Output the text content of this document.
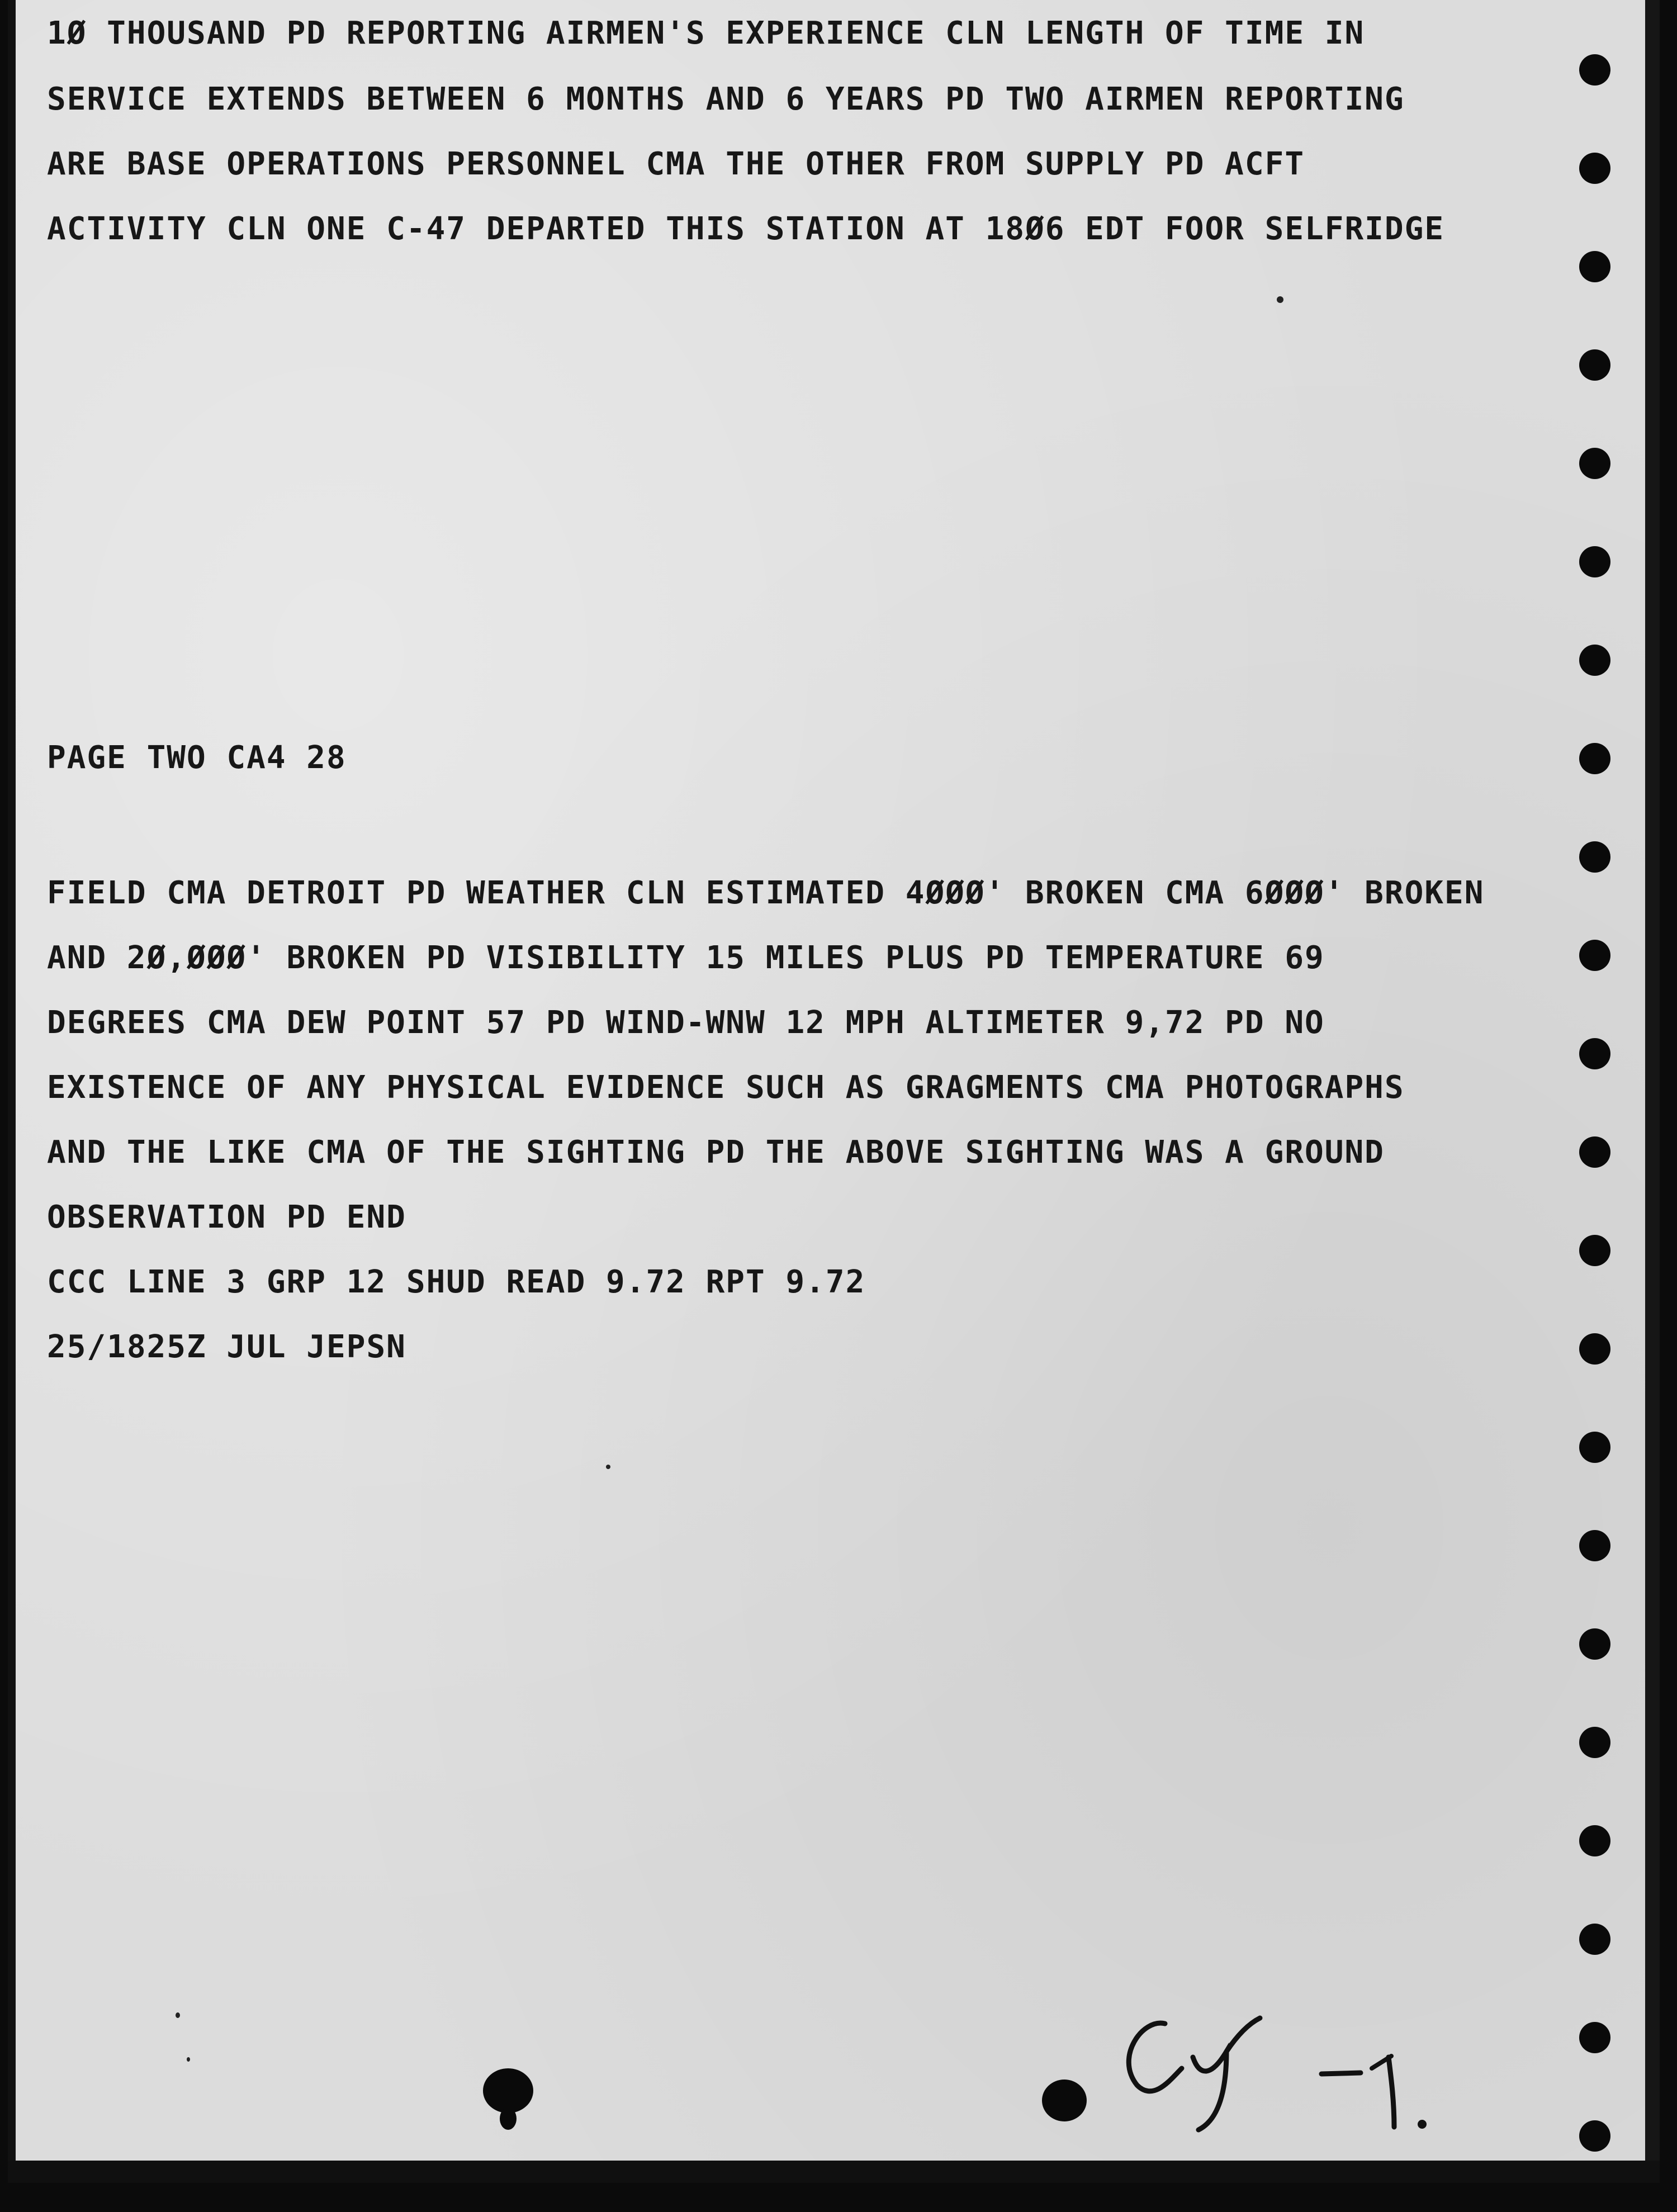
1Ø THOUSAND PD REPORTING AIRMEN'S EXPERIENCE CLN LENGTH OF TIME IN
SERVICE EXTENDS BETWEEN 6 MONTHS AND 6 YEARS PD TWO AIRMEN REPORTING
ARE BASE OPERATIONS PERSONNEL CMA THE OTHER FROM SUPPLY PD ACFT
ACTIVITY CLN ONE C-47 DEPARTED THIS STATION AT 18Ø6 EDT FOOR SELFRIDGE
PAGE TWO CA4 28
FIELD CMA DETROIT PD WEATHER CLN ESTIMATED 4ØØØ' BROKEN CMA 6ØØØ' BROKEN
AND 2Ø,ØØØ' BROKEN PD VISIBILITY 15 MILES PLUS PD TEMPERATURE 69
DEGREES CMA DEW POINT 57 PD WIND-WNW 12 MPH ALTIMETER 9,72 PD NO
EXISTENCE OF ANY PHYSICAL EVIDENCE SUCH AS GRAGMENTS CMA PHOTOGRAPHS
AND THE LIKE CMA OF THE SIGHTING PD THE ABOVE SIGHTING WAS A GROUND
OBSERVATION PD END
CCC LINE 3 GRP 12 SHUD READ 9.72 RPT 9.72
25/1825Z JUL JEPSN
